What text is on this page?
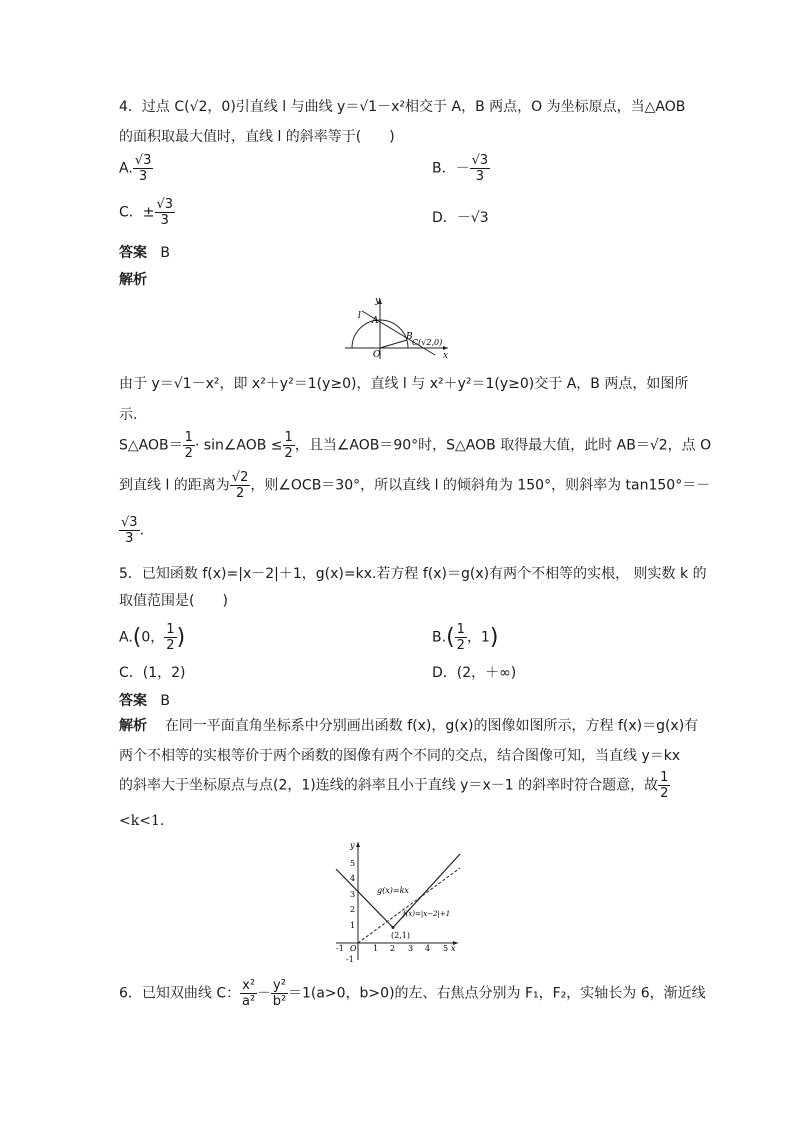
4．过点 C(√2，0)引直线 l 与曲线 y＝√1－x²相交于 A，B 两点，O 为坐标原点，当△AOB
的面积取最大值时，直线 l 的斜率等于(　　)
A. $\frac{√3}{3}$	B．－ $\frac{√3}{3}$
C．± $\frac{√3}{3}$	D．－√3
答案 B
解析
y
x
l A
B
O
C(√2,0)
由于 y＝√1－x²，即 x²＋y²＝1(y≥0)，直线 l 与 x²＋y²＝1(y≥0)交于 A，B 两点，如图所
示．
S△AOB＝ $\frac{1}{2}$ · sin∠AOB ≤ $\frac{1}{2}$ ，且当∠AOB＝90°时，S△AOB 取得最大值，此时 AB＝√2，点 O
到直线 l 的距离为 $\frac{√2}{2}$ ，则∠OCB＝30°，所以直线 l 的倾斜角为 150°，则斜率为 tan150°＝－
$\frac{√3}{3}$ .
5．已知函数 f(x)=|x－2|＋1，g(x)=kx.若方程 f(x)＝g(x)有两个不相等的实根， 则实数 k 的
取值范围是(　　)
A.(0， $\frac{1}{2}$ )	$B.( \frac{1}{2}$ ，1)
C．(1，2)	D．(2，＋∞)
答案 B
解析 在同一平面直角坐标系中分别画出函数 f(x)，g(x)的图像如图所示，方程 f(x)＝g(x)有
两个不相等的实根等价于两个函数的图像有两个不同的交点，结合图像可知，当直线 y＝kx
的斜率大于坐标原点与点(2，1)连线的斜率且小于直线 y＝x－1 的斜率时符合题意，故 $\frac{1}{2}$
<k<1.
y
x
O
5
4
3
2
1
-1
-1	1 2 3 4 5
g(x)=kx
f(x)=|x−2|+1
(2,1)
6．已知双曲线 C： $\frac{\text{x²}}{\text{a²}} - \frac{\text{y²}}{\text{b²}} =1(a>0$，b>0)的左、右焦点分别为 F₁，F₂，实轴长为 6，渐近线
